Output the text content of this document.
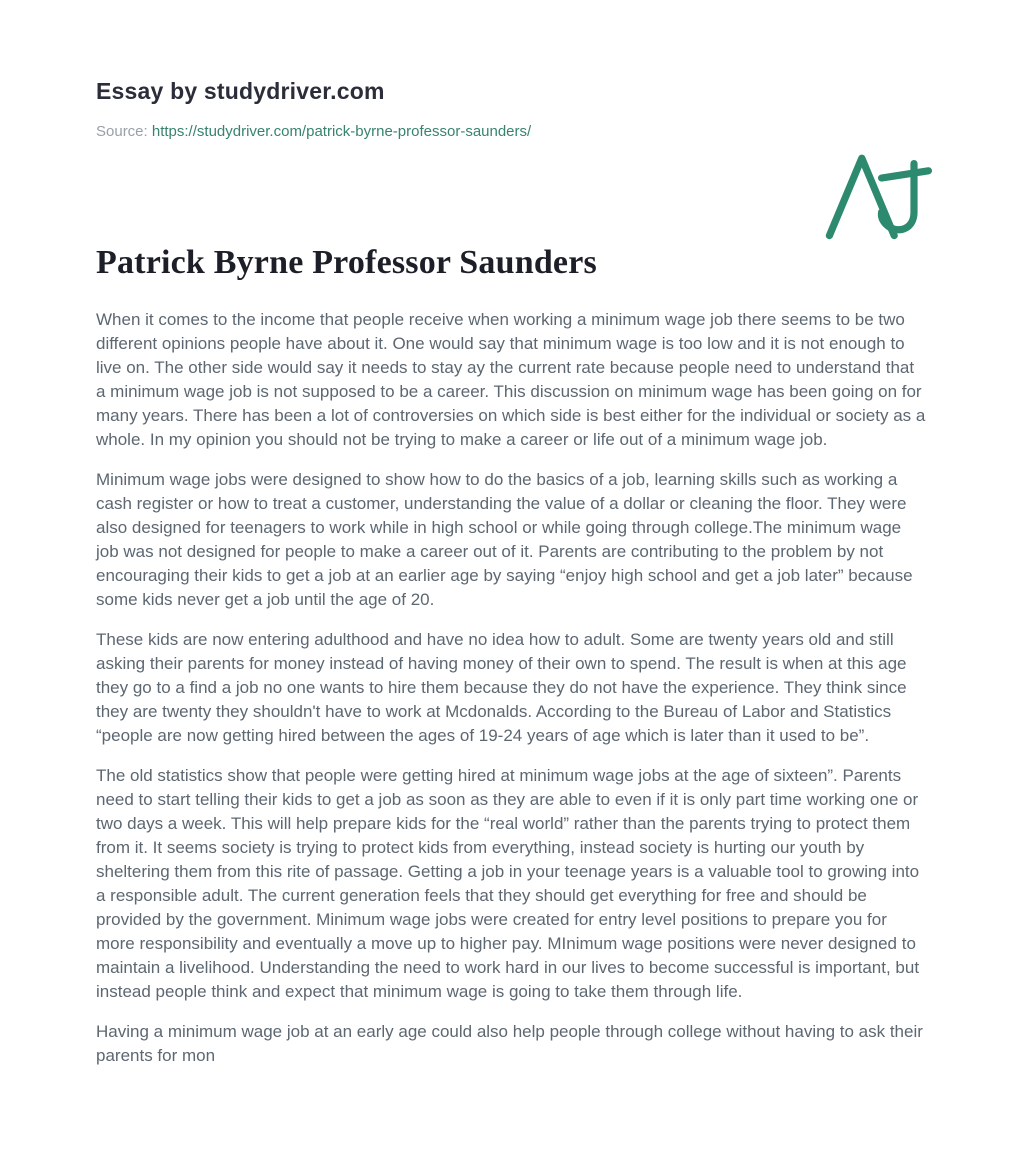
Essay by studydriver.com
Source: https://studydriver.com/patrick-byrne-professor-saunders/
Patrick Byrne Professor Saunders

When it comes to the income that people receive when working a minimum wage job there seems to be two different opinions people have about it. One would say that minimum wage is too low and it is not enough to live on. The other side would say it needs to stay ay the current rate because people need to understand that a minimum wage job is not supposed to be a career. This discussion on minimum wage has been going on for many years. There has been a lot of controversies on which side is best either for the individual or society as a whole. In my opinion you should not be trying to make a career or life out of a minimum wage job.

Minimum wage jobs were designed to show how to do the basics of a job, learning skills such as working a cash register or how to treat a customer, understanding the value of a dollar or cleaning the floor. They were also designed for teenagers to work while in high school or while going through college.The minimum wage job was not designed for people to make a career out of it. Parents are contributing to the problem by not encouraging their kids to get a job at an earlier age by saying “enjoy high school and get a job later” because some kids never get a job until the age of 20.

These kids are now entering adulthood and have no idea how to adult. Some are twenty years old and still asking their parents for money instead of having money of their own to spend. The result is when at this age they go to a find a job no one wants to hire them because they do not have the experience. They think since they are twenty they shouldn't have to work at Mcdonalds. According to the Bureau of Labor and Statistics “people are now getting hired between the ages of 19-24 years of age which is later than it used to be”.

The old statistics show that people were getting hired at minimum wage jobs at the age of sixteen”. Parents need to start telling their kids to get a job as soon as they are able to even if it is only part time working one or two days a week. This will help prepare kids for the “real world” rather than the parents trying to protect them from it. It seems society is trying to protect kids from everything, instead society is hurting our youth by sheltering them from this rite of passage. Getting a job in your teenage years is a valuable tool to growing into a responsible adult. The current generation feels that they should get everything for free and should be provided by the government. Minimum wage jobs were created for entry level positions to prepare you for more responsibility and eventually a move up to higher pay. MInimum wage positions were never designed to maintain a livelihood. Understanding the need to work hard in our lives to become successful is important, but instead people think and expect that minimum wage is going to take them through life.

Having a minimum wage job at an early age could also help people through college without having to ask their parents for mon
